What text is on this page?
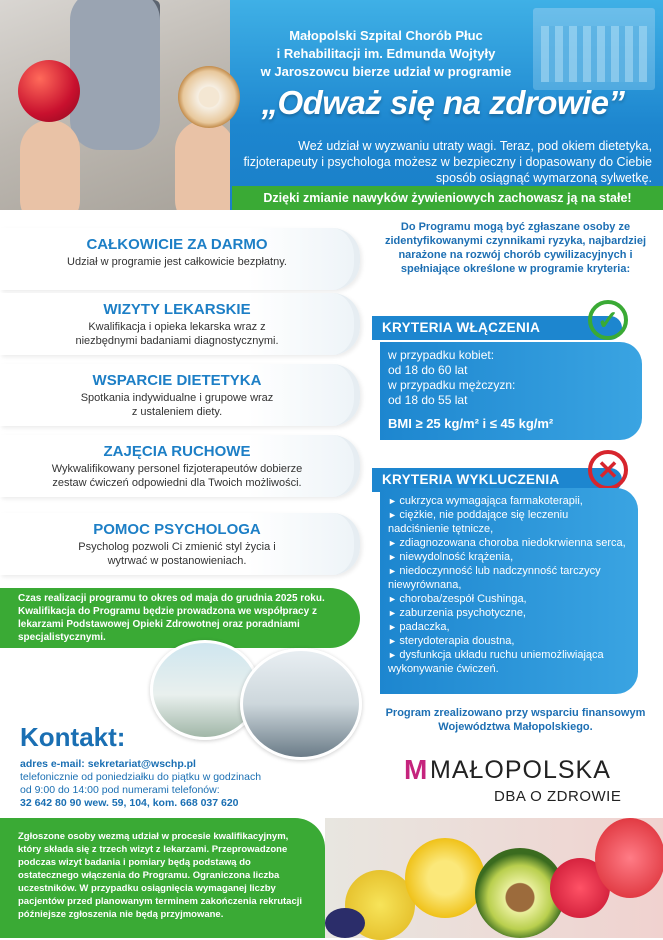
Małopolski Szpital Chorób Płuc
i Rehabilitacji im. Edmunda Wojtyły
w Jaroszowcu bierze udział w programie
„Odważ się na zdrowie”
Weź udział w wyzwaniu utraty wagi. Teraz, pod okiem dietetyka, fizjoterapeuty i psychologa możesz w bezpieczny i dopasowany do Ciebie sposób osiągnąć wymarzoną sylwetkę.
Dzięki zmianie nawyków żywieniowych zachowasz ją na stałe!
CAŁKOWICIE ZA DARMO

Udział w programie jest całkowicie bezpłatny.

WIZYTY LEKARSKIE

Kwalifikacja i opieka lekarska wraz z niezbędnymi badaniami diagnostycznymi.

WSPARCIE DIETETYKA

Spotkania indywidualne i grupowe wraz z ustaleniem diety.

ZAJĘCIA RUCHOWE

Wykwalifikowany personel fizjoterapeutów dobierze zestaw ćwiczeń odpowiedni dla Twoich możliwości.

POMOC PSYCHOLOGA

Psycholog pozwoli Ci zmienić styl życia i wytrwać w postanowieniach.

Do Programu mogą być zgłaszane osoby ze zidentyfikowanymi czynnikami ryzyka, najbardziej narażone na rozwój chorób cywilizacyjnych i spełniające określone w programie kryteria:
KRYTERIA WŁĄCZENIA	✓
w przypadku kobiet:
od 18 do 60 lat
w przypadku mężczyzn:
od 18 do 55 lat
BMI ≥ 25 kg/m² i ≤ 45 kg/m²
KRYTERIA WYKLUCZENIA	✕
► cukrzyca wymagająca farmakoterapii,
► ciężkie, nie poddające się leczeniu nadciśnienie tętnicze,
► zdiagnozowana choroba niedokrwienna serca,
► niewydolność krążenia,
► niedoczynność lub nadczynność tarczycy niewyrównana,
► choroba/zespół Cushinga,
► zaburzenia psychotyczne,
► padaczka,
► sterydoterapia doustna,
► dysfunkcja układu ruchu uniemożliwiająca wykonywanie ćwiczeń.
Czas realizacji programu to okres od maja do grudnia 2025 roku. Kwalifikacja do Programu będzie prowadzona we współpracy z lekarzami Podstawowej Opieki Zdrowotnej oraz poradniami specjalistycznymi.
Kontakt:
adres e-mail: sekretariat@wschp.pl
telefonicznie od poniedziałku do piątku w godzinach
od 9:00 do 14:00 pod numerami telefonów:
32 642 80 90 wew. 59, 104, kom. 668 037 620
Program zrealizowano przy wsparciu finansowym Województwa Małopolskiego.
M MAŁOPOLSKA
DBA O ZDROWIE
Zgłoszone osoby wezmą udział w procesie kwalifikacyjnym, który składa się z trzech wizyt z lekarzami. Przeprowadzone podczas wizyt badania i pomiary będą podstawą do ostatecznego włączenia do Programu. Ograniczona liczba uczestników. W przypadku osiągnięcia wymaganej liczby pacjentów przed planowanym terminem zakończenia rekrutacji późniejsze zgłoszenia nie będą przyjmowane.
